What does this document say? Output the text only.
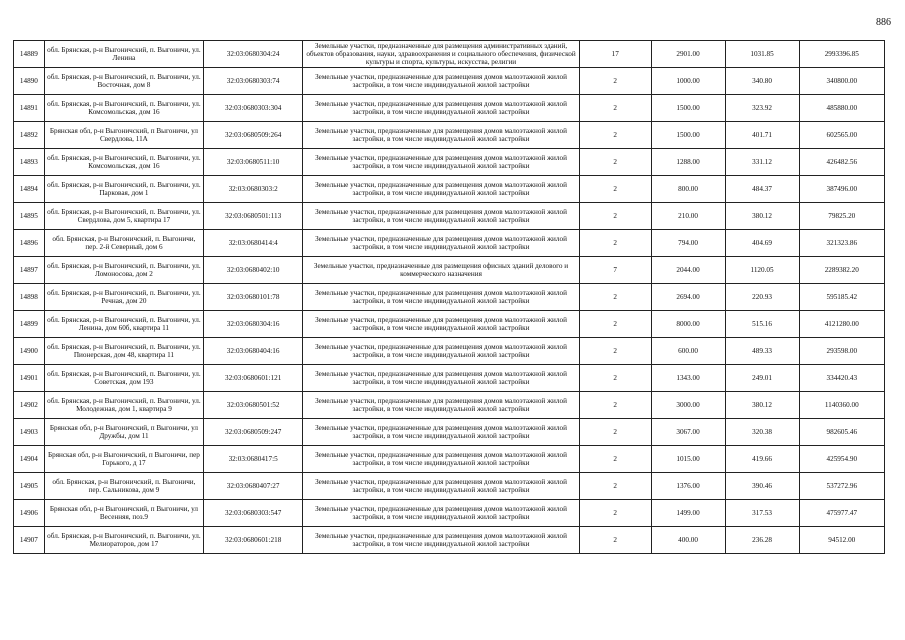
886
14889	обл. Брянская, р-н Выгоничский, п. Выгоничи, ул. Ленина	32:03:0680304:24	Земельные участки, предназначенные для размещения административных зданий, объектов образования, науки, здравоохранения и социального обеспечения, физической культуры и спорта, культуры, искусства, религии	17	2901.00	1031.85	2993396.85
14890	обл. Брянская, р-н Выгоничский, п. Выгоничи, ул. Восточная, дом 8	32:03:0680303:74	Земельные участки, предназначенные для размещения домов малоэтажной жилой застройки, в том числе индивидуальной жилой застройки	2	1000.00	340.80	340800.00
14891	обл. Брянская, р-н Выгоничский, п. Выгоничи, ул. Комсомольская, дом 16	32:03:0680303:304	Земельные участки, предназначенные для размещения домов малоэтажной жилой застройки, в том числе индивидуальной жилой застройки	2	1500.00	323.92	485880.00
14892	Брянская обл, р-н Выгоничский, п Выгоничи, ул Свердлова, 11А	32:03:0680509:264	Земельные участки, предназначенные для размещения домов малоэтажной жилой застройки, в том числе индивидуальной жилой застройки	2	1500.00	401.71	602565.00
14893	обл. Брянская, р-н Выгоничский, п. Выгоничи, ул. Комсомольская, дом 16	32:03:0680511:10	Земельные участки, предназначенные для размещения домов малоэтажной жилой застройки, в том числе индивидуальной жилой застройки	2	1288.00	331.12	426482.56
14894	обл. Брянская, р-н Выгоничский, п. Выгоничи, ул. Парковая, дом 1	32:03:0680303:2	Земельные участки, предназначенные для размещения домов малоэтажной жилой застройки, в том числе индивидуальной жилой застройки	2	800.00	484.37	387496.00
14895	обл. Брянская, р-н Выгоничский, п. Выгоничи, ул. Свердлова, дом 5, квартира 17	32:03:0680501:113	Земельные участки, предназначенные для размещения домов малоэтажной жилой застройки, в том числе индивидуальной жилой застройки	2	210.00	380.12	79825.20
14896	обл. Брянская, р-н Выгоничский, п. Выгоничи, пер. 2-й Северный, дом 6	32:03:0680414:4	Земельные участки, предназначенные для размещения домов малоэтажной жилой застройки, в том числе индивидуальной жилой застройки	2	794.00	404.69	321323.86
14897	обл. Брянская, р-н Выгоничский, п. Выгоничи, ул. Ломоносова, дом 2	32:03:0680402:10	Земельные участки, предназначенные для размещения офисных зданий делового и коммерческого назначения	7	2044.00	1120.05	2289382.20
14898	обл. Брянская, р-н Выгоничский, п. Выгоничи, ул. Речная, дом 20	32:03:0680101:78	Земельные участки, предназначенные для размещения домов малоэтажной жилой застройки, в том числе индивидуальной жилой застройки	2	2694.00	220.93	595185.42
14899	обл. Брянская, р-н Выгоничский, п. Выгоничи, ул. Ленина, дом 60б, квартира 11	32:03:0680304:16	Земельные участки, предназначенные для размещения домов малоэтажной жилой застройки, в том числе индивидуальной жилой застройки	2	8000.00	515.16	4121280.00
14900	обл. Брянская, р-н Выгоничский, п. Выгоничи, ул. Пионерская, дом 48, квартира 11	32:03:0680404:16	Земельные участки, предназначенные для размещения домов малоэтажной жилой застройки, в том числе индивидуальной жилой застройки	2	600.00	489.33	293598.00
14901	обл. Брянская, р-н Выгоничский, п. Выгоничи, ул. Советская, дом 193	32:03:0680601:121	Земельные участки, предназначенные для размещения домов малоэтажной жилой застройки, в том числе индивидуальной жилой застройки	2	1343.00	249.01	334420.43
14902	обл. Брянская, р-н Выгоничский, п. Выгоничи, ул. Молодежная, дом 1, квартира 9	32:03:0680501:52	Земельные участки, предназначенные для размещения домов малоэтажной жилой застройки, в том числе индивидуальной жилой застройки	2	3000.00	380.12	1140360.00
14903	Брянская обл, р-н Выгоничский, п Выгоничи, ул Дружбы, дом 11	32:03:0680509:247	Земельные участки, предназначенные для размещения домов малоэтажной жилой застройки, в том числе индивидуальной жилой застройки	2	3067.00	320.38	982605.46
14904	Брянская обл, р-н Выгоничский, п Выгоничи, пер Горького, д 17	32:03:0680417:5	Земельные участки, предназначенные для размещения домов малоэтажной жилой застройки, в том числе индивидуальной жилой застройки	2	1015.00	419.66	425954.90
14905	обл. Брянская, р-н Выгоничский, п. Выгоничи, пер. Сальникова, дом 9	32:03:0680407:27	Земельные участки, предназначенные для размещения домов малоэтажной жилой застройки, в том числе индивидуальной жилой застройки	2	1376.00	390.46	537272.96
14906	Брянская обл, р-н Выгоничский, п Выгоничи, ул Весенняя, поз.9	32:03:0680303:547	Земельные участки, предназначенные для размещения домов малоэтажной жилой застройки, в том числе индивидуальной жилой застройки	2	1499.00	317.53	475977.47
14907	обл. Брянская, р-н Выгоничский, п. Выгоничи, ул. Мелиораторов, дом 17	32:03:0680601:218	Земельные участки, предназначенные для размещения домов малоэтажной жилой застройки, в том числе индивидуальной жилой застройки	2	400.00	236.28	94512.00
